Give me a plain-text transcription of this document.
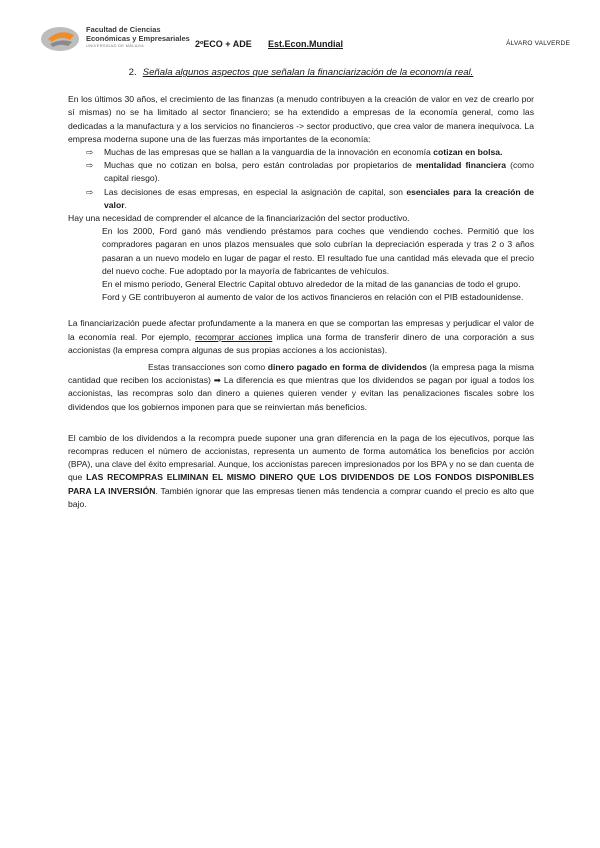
Facultad de Ciencias
Económicas y Empresariales
UNIVERSIDAD DE MÁLAGA	2ºECO + ADE Est.Econ.Mundial	ÁLVARO VALVERDE
2. Señala algunos aspectos que señalan la financiarización de la economía real.

En los últimos 30 años, el crecimiento de las finanzas (a menudo contribuyen a la creación de valor en vez de crearlo por sí mismas) no se ha limitado al sector financiero; se ha extendido a empresas de la economía general, como las dedicadas a la manufactura y a los servicios no financieros -> sector productivo, que crea valor de manera inequívoca. La empresa moderna supone una de las fuerzas más importantes de la economía:

⇨ Muchas de las empresas que se hallan a la vanguardia de la innovación en economía cotizan en bolsa.
⇨ Muchas que no cotizan en bolsa, pero están controladas por propietarios de mentalidad financiera (como capital riesgo).
⇨ Las decisiones de esas empresas, en especial la asignación de capital, son esenciales para la creación de valor.

Hay una necesidad de comprender el alcance de la financiarización del sector productivo.

En los 2000, Ford ganó más vendiendo préstamos para coches que vendiendo coches. Permitió que los compradores pagaran en unos plazos mensuales que solo cubrían la depreciación esperada y tras 2 o 3 años pasaran a un nuevo modelo en lugar de pagar el resto. El resultado fue una cantidad más elevada que el precio del nuevo coche. Fue adoptado por la mayoría de fabricantes de vehículos.

En el mismo periodo, General Electric Capital obtuvo alrededor de la mitad de las ganancias de todo el grupo.

Ford y GE contribuyeron al aumento de valor de los activos financieros en relación con el PIB estadounidense.

La financiarización puede afectar profundamente a la manera en que se comportan las empresas y perjudicar el valor de la economía real. Por ejemplo, recomprar acciones implica una forma de transferir dinero de una corporación a sus accionistas (la empresa compra algunas de sus propias acciones a los accionistas).

Estas transacciones son como dinero pagado en forma de dividendos (la empresa paga la misma cantidad que reciben los accionistas) ➡ La diferencia es que mientras que los dividendos se pagan por igual a todos los accionistas, las recompras solo dan dinero a quienes quieren vender y evitan las penalizaciones fiscales sobre los dividendos que los gobiernos imponen para que se reinviertan más beneficios.

El cambio de los dividendos a la recompra puede suponer una gran diferencia en la paga de los ejecutivos, porque las recompras reducen el número de accionistas, representa un aumento de forma automática los beneficios por acción (BPA), una clave del éxito empresarial. Aunque, los accionistas parecen impresionados por los BPA y no se dan cuenta de que LAS RECOMPRAS ELIMINAN EL MISMO DINERO QUE LOS DIVIDENDOS DE LOS FONDOS DISPONIBLES PARA LA INVERSIÓN. También ignorar que las empresas tienen más tendencia a comprar cuando el precio es alto que bajo.
